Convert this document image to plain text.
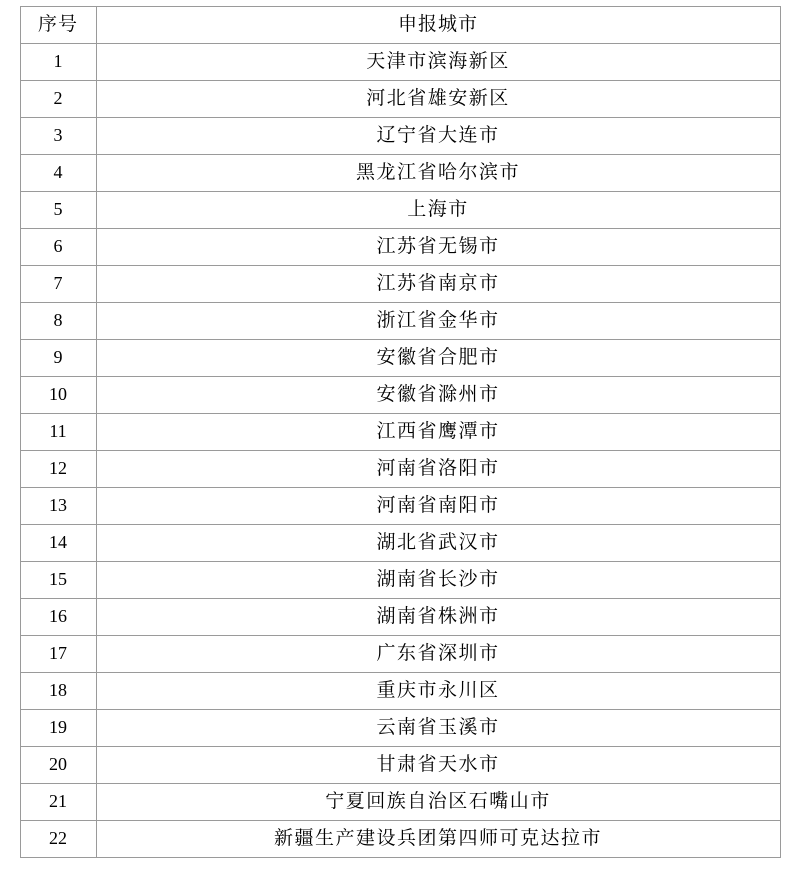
序号	申报城市
1	天津市滨海新区
2	河北省雄安新区
3	辽宁省大连市
4	黑龙江省哈尔滨市
5	上海市
6	江苏省无锡市
7	江苏省南京市
8	浙江省金华市
9	安徽省合肥市
10	安徽省滁州市
11	江西省鹰潭市
12	河南省洛阳市
13	河南省南阳市
14	湖北省武汉市
15	湖南省长沙市
16	湖南省株洲市
17	广东省深圳市
18	重庆市永川区
19	云南省玉溪市
20	甘肃省天水市
21	宁夏回族自治区石嘴山市
22	新疆生产建设兵团第四师可克达拉市
